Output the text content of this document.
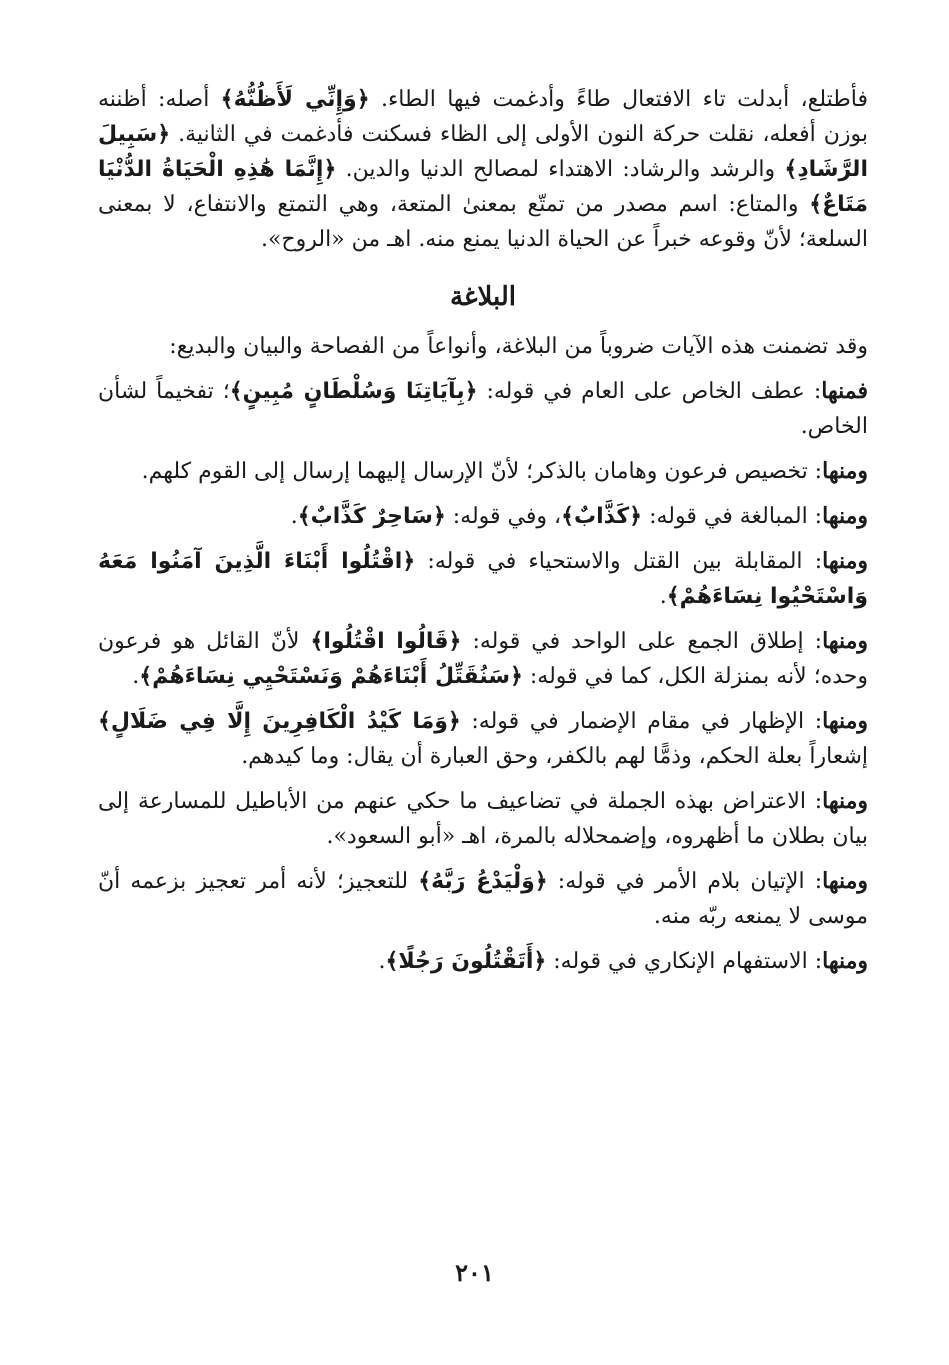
فأطتلع، أبدلت تاء الافتعال طاءً وأدغمت فيها الطاء. ﴿وَإِنِّي لَأَظُنُّهُ﴾ أصله: أظننه بوزن أفعله، نقلت حركة النون الأولى إلى الظاء فسكنت فأدغمت في الثانية. ﴿سَبِيلَ الرَّشَادِ﴾ والرشد والرشاد: الاهتداء لمصالح الدنيا والدين. ﴿إِنَّمَا هَٰذِهِ الْحَيَاةُ الدُّنْيَا مَتَاعٌ﴾ والمتاع: اسم مصدر من تمتّع بمعنىٰ المتعة، وهي التمتع والانتفاع، لا بمعنى السلعة؛ لأنّ وقوعه خبراً عن الحياة الدنيا يمنع منه. اهـ من «الروح».

البلاغة

وقد تضمنت هذه الآيات ضروباً من البلاغة، وأنواعاً من الفصاحة والبيان والبديع:

فمنها: عطف الخاص على العام في قوله: ﴿بِآيَاتِنَا وَسُلْطَانٍ مُبِينٍ﴾؛ تفخيماً لشأن الخاص.

ومنها: تخصيص فرعون وهامان بالذكر؛ لأنّ الإرسال إليهما إرسال إلى القوم كلهم.

ومنها: المبالغة في قوله: ﴿كَذَّابٌ﴾، وفي قوله: ﴿سَاحِرٌ كَذَّابٌ﴾.

ومنها: المقابلة بين القتل والاستحياء في قوله: ﴿اقْتُلُوا أَبْنَاءَ الَّذِينَ آمَنُوا مَعَهُ وَاسْتَحْيُوا نِسَاءَهُمْ﴾.

ومنها: إطلاق الجمع على الواحد في قوله: ﴿قَالُوا اقْتُلُوا﴾ لأنّ القائل هو فرعون وحده؛ لأنه بمنزلة الكل، كما في قوله: ﴿سَنُقَتِّلُ أَبْنَاءَهُمْ وَنَسْتَحْيِي نِسَاءَهُمْ﴾.

ومنها: الإظهار في مقام الإضمار في قوله: ﴿وَمَا كَيْدُ الْكَافِرِينَ إِلَّا فِي ضَلَالٍ﴾ إشعاراً بعلة الحكم، وذمًّا لهم بالكفر، وحق العبارة أن يقال: وما كيدهم.

ومنها: الاعتراض بهذه الجملة في تضاعيف ما حكي عنهم من الأباطيل للمسارعة إلى بيان بطلان ما أظهروه، وإضمحلاله بالمرة، اهـ «أبو السعود».

ومنها: الإتيان بلام الأمر في قوله: ﴿وَلْيَدْعُ رَبَّهُ﴾ للتعجيز؛ لأنه أمر تعجيز بزعمه أنّ موسى لا يمنعه ربّه منه.

ومنها: الاستفهام الإنكاري في قوله: ﴿أَتَقْتُلُونَ رَجُلًا﴾.

٢٠١
